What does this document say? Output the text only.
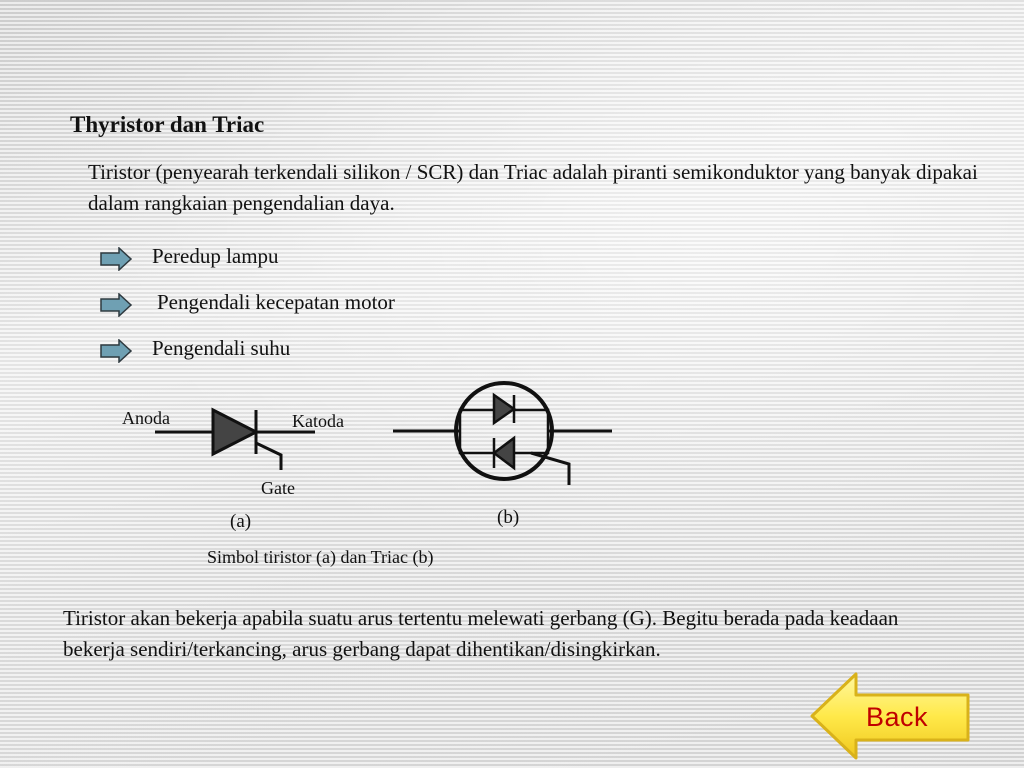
Thyristor dan Triac

Tiristor (penyearah terkendali silikon / SCR) dan Triac adalah piranti semikonduktor yang banyak dipakai dalam rangkaian pengendalian daya.

Peredup lampu
Pengendali kecepatan motor
Pengendali suhu
Anoda	Katoda
Gate
(a)	(b)
Simbol tiristor (a) dan Triac (b)

Tiristor akan bekerja apabila suatu arus tertentu melewati gerbang (G). Begitu berada pada keadaan bekerja sendiri/terkancing, arus gerbang dapat dihentikan/disingkirkan.

Back
